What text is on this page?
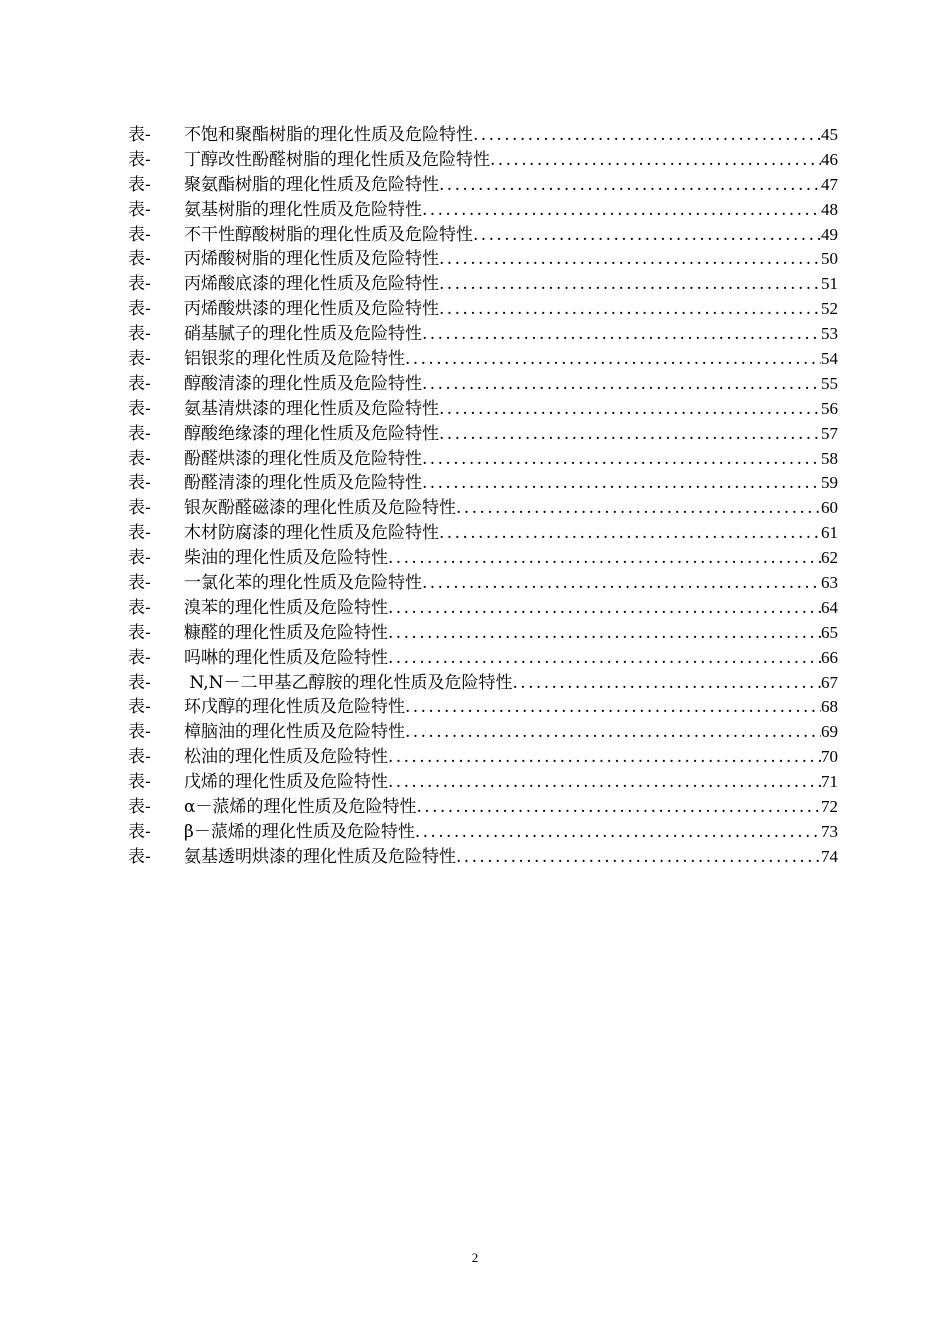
表-	不饱和聚酯树脂的理化性质及危险特性 .....	45
表-	丁醇改性酚醛树脂的理化性质及危险特性 .....	46
表-	聚氨酯树脂的理化性质及危险特性 .....	47
表-	氨基树脂的理化性质及危险特性 .....	48
表-	不干性醇酸树脂的理化性质及危险特性 .....	49
表-	丙烯酸树脂的理化性质及危险特性 .....	50
表-	丙烯酸底漆的理化性质及危险特性 .....	51
表-	丙烯酸烘漆的理化性质及危险特性 .....	52
表-	硝基腻子的理化性质及危险特性 .....	53
表-	铝银浆的理化性质及危险特性 .....	54
表-	醇酸清漆的理化性质及危险特性 .....	55
表-	氨基清烘漆的理化性质及危险特性 .....	56
表-	醇酸绝缘漆的理化性质及危险特性 .....	57
表-	酚醛烘漆的理化性质及危险特性 .....	58
表-	酚醛清漆的理化性质及危险特性 .....	59
表-	银灰酚醛磁漆的理化性质及危险特性 .....	60
表-	木材防腐漆的理化性质及危险特性 .....	61
表-	柴油的理化性质及危险特性 .....	62
表-	一氯化苯的理化性质及危险特性 .....	63
表-	溴苯的理化性质及危险特性 .....	64
表-	糠醛的理化性质及危险特性 .....	65
表-	吗啉的理化性质及危险特性 .....	66
表-	N,N－二甲基乙醇胺的理化性质及危险特性 .....	67
表-	环戊醇的理化性质及危险特性 .....	68
表-	樟脑油的理化性质及危险特性 .....	69
表-	松油的理化性质及危险特性 .....	70
表-	戊烯的理化性质及危险特性 .....	71
表-	α－蒎烯的理化性质及危险特性 .....	72
表-	β－蒎烯的理化性质及危险特性 .....	73
表-	氨基透明烘漆的理化性质及危险特性 .....	74
2
